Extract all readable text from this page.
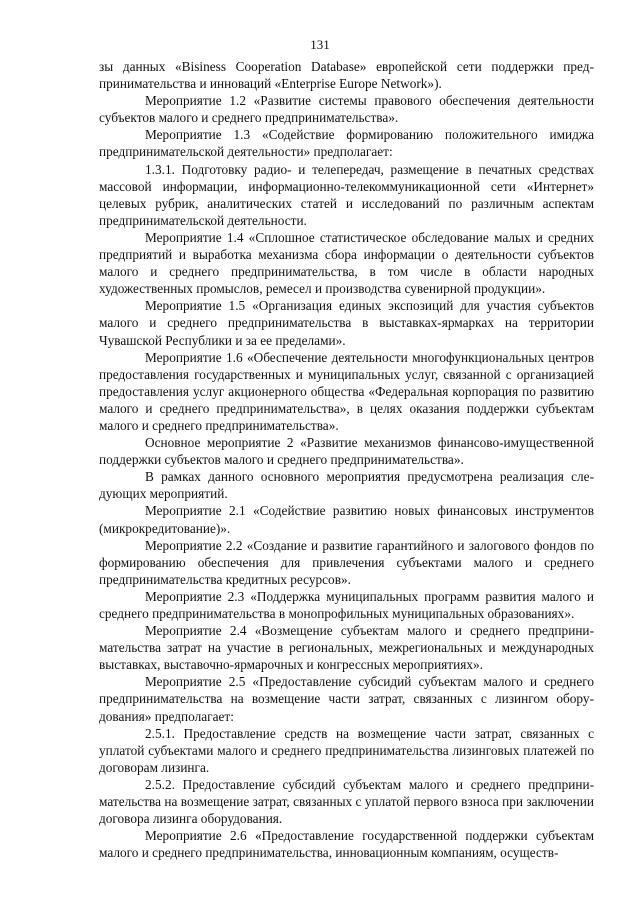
131

зы данных «Bisiness Cooperation Database» европейской сети поддержки предпринимательства и инноваций «Enterprise Europe Network»).

Мероприятие 1.2 «Развитие системы правового обеспечения деятельности субъектов малого и среднего предпринимательства».

Мероприятие 1.3 «Содействие формированию положительного имиджа предпринимательской деятельности» предполагает:

1.3.1. Подготовку радио- и телепередач, размещение в печатных средствах массовой информации, информационно-телекоммуникационной сети «Интернет» целевых рубрик, аналитических статей и исследований по различным аспектам предпринимательской деятельности.

Мероприятие 1.4 «Сплошное статистическое обследование малых и средних предприятий и выработка механизма сбора информации о деятельности субъектов малого и среднего предпринимательства, в том числе в области народных художественных промыслов, ремесел и производства сувенирной продукции».

Мероприятие 1.5 «Организация единых экспозиций для участия субъектов малого и среднего предпринимательства в выставках-ярмарках на территории Чувашской Республики и за ее пределами».

Мероприятие 1.6 «Обеспечение деятельности многофункциональных центров предоставления государственных и муниципальных услуг, связанной с организацией предоставления услуг акционерного общества «Федеральная корпорация по развитию малого и среднего предпринимательства», в целях оказания поддержки субъектам малого и среднего предпринимательства».

Основное мероприятие 2 «Развитие механизмов финансово-имущественной поддержки субъектов малого и среднего предпринимательства».

В рамках данного основного мероприятия предусмотрена реализация следующих мероприятий.

Мероприятие 2.1 «Содействие развитию новых финансовых инструментов (микрокредитование)».

Мероприятие 2.2 «Создание и развитие гарантийного и залогового фондов по формированию обеспечения для привлечения субъектами малого и среднего предпринимательства кредитных ресурсов».

Мероприятие 2.3 «Поддержка муниципальных программ развития малого и среднего предпринимательства в монопрофильных муниципальных образованиях».

Мероприятие 2.4 «Возмещение субъектам малого и среднего предпринимательства затрат на участие в региональных, межрегиональных и международных выставках, выставочно-ярмарочных и конгрессных мероприятиях».

Мероприятие 2.5 «Предоставление субсидий субъектам малого и среднего предпринимательства на возмещение части затрат, связанных с лизингом оборудования» предполагает:

2.5.1. Предоставление средств на возмещение части затрат, связанных с уплатой субъектами малого и среднего предпринимательства лизинговых платежей по договорам лизинга.

2.5.2. Предоставление субсидий субъектам малого и среднего предпринимательства на возмещение затрат, связанных с уплатой первого взноса при заключении договора лизинга оборудования.

Мероприятие 2.6 «Предоставление государственной поддержки субъектам малого и среднего предпринимательства, инновационным компаниям, осуществ-
